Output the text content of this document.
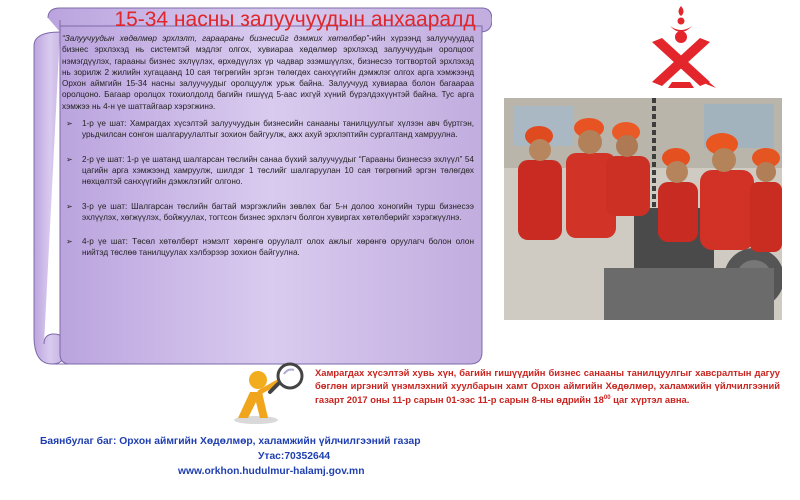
15-34 насны залуучуудын анхааралд

“Залуучуудын хөдөлмөр эрхлэлт, гараарaны бизнесийг дэмжих хөтөлбөр”-ийн хүрээнд залуучуудад бизнес эрхлэхэд нь системтэй мэдлэг олгох, хувиараа хөдөлмөр эрхлэхэд залуучуудын оролцоог нэмэгдүүлэх, гарааны бизнес эхлүүлэх, өрхөдүүлэх үр чадвар эзэмшүүлэх, бизнесээ тогтвортой эрхлэхэд нь зорилж 2 жилийн хугацаанд 10 сая төгрөгийн эргэн төлөгдөх санхүүгийн дэмжлэг олгох арга хэмжээнд Орхон аймгийн 15-34 насны залуучуудыг оролцуулж урьж байна. Залуучууд хувиараа болон багаараа оролцоно. Багаар оролцох тохиолдолд багийн гишүүд 5-аас ихгүй хүний бүрэлдэхүүнтэй байна. Тус арга хэмжээ нь 4-н үе шаттайгаар хэрэгжинэ.

➢ 1-р үе шат: Хамрагдах хүсэлтэй залуучуудын бизнесийн санааны танилцуулгыг хүлээн авч бүртгэн, урьдчилсан сонгон шалгаруулалтыг зохион байгуулж, ажх ахуй эрхлэптийн сургалтанд хамруулна.
➢ 2-р үе шат: 1-р үе шатанд шалгарсан төслийн санаа бүхий залуучуудыг “Гарааны бизнесээ эхлүүл” 54 цагийн арга хэмжээнд хамруулж, шилдэг 1 төслийг шалгаруулан 10 сая төгрөгний эргэн төлөгдөх нөхцөлтэй санхүүгийн дэмжлэгийг олгоно.
➢ 3-р үе шат: Шалгарсан төслийн багтай мэргэжлийн зөвлөх баг 5-н долоо хоногийн турш бизнесээ эхлүүлэх, хөгжүүлэх, бойжуулах, тогтсон бизнес эрхлэгч болгон хувиргах хөтөлбөрийг хэрэгжүүлнэ.
➢ 4-р үе шат: Төсөл хөтөлбөрт нэмэлт хөрөнгө оруулалт олох ажлыг хөрөнгө оруулагч болон олон нийтэд төслөө танилцуулах хэлбэрээр зохион байгуулна.

Хамрагдах хүсэлтэй хувь хүн, багийн гишүүдийн бизнес санааны танилцуулгыг хавсралтын дагуу бөглөн иргэний үнэмлэхний хуулбарын хамт Орхон аймгийн Хөдөлмөр, халамжийн үйлчилгээний газарт 2017 оны 11-р сарын 01-ээс 11-р сарын 8-ны өдрийн $18^{00}$ цаг хүртэл авна.

Баянбулаг баг: Орхон аймгийн Хөдөлмөр, халамжийн үйлчилгээний газар

Утас:70352644

www.orkhon.hudulmur-halamj.gov.mn
